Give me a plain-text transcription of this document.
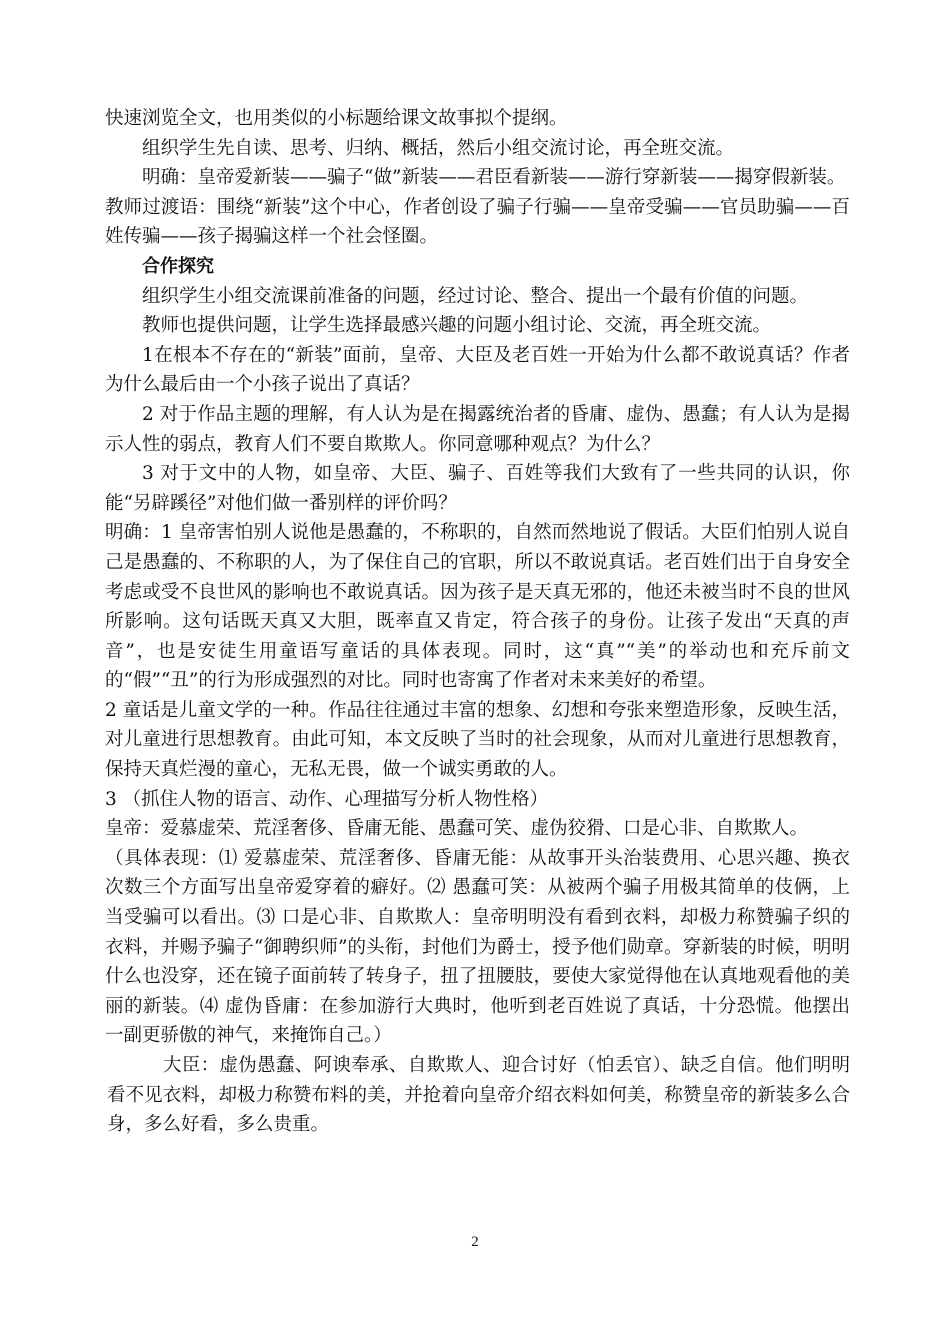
快速浏览全文，也用类似的小标题给课文故事拟个提纲。

组织学生先自读、思考、归纳、概括，然后小组交流讨论，再全班交流。

明确：皇帝爱新装——骗子“做”新装——君臣看新装——游行穿新装——揭穿假新装。

教师过渡语：围绕“新装”这个中心，作者创设了骗子行骗——皇帝受骗——官员助骗——百姓传骗——孩子揭骗这样一个社会怪圈。

合作探究

组织学生小组交流课前准备的问题，经过讨论、整合、提出一个最有价值的问题。

教师也提供问题，让学生选择最感兴趣的问题小组讨论、交流，再全班交流。

1在根本不存在的“新装”面前，皇帝、大臣及老百姓一开始为什么都不敢说真话？作者为什么最后由一个小孩子说出了真话？

2 对于作品主题的理解，有人认为是在揭露统治者的昏庸、虚伪、愚蠢；有人认为是揭示人性的弱点，教育人们不要自欺欺人。你同意哪种观点？为什么？

3 对于文中的人物，如皇帝、大臣、骗子、百姓等我们大致有了一些共同的认识，你能“另辟蹊径”对他们做一番别样的评价吗？

明确：1 皇帝害怕别人说他是愚蠢的，不称职的，自然而然地说了假话。大臣们怕别人说自己是愚蠢的、不称职的人，为了保住自己的官职，所以不敢说真话。老百姓们出于自身安全考虑或受不良世风的影响也不敢说真话。因为孩子是天真无邪的，他还未被当时不良的世风所影响。这句话既天真又大胆，既率直又肯定，符合孩子的身份。让孩子发出“天真的声音”，也是安徒生用童语写童话的具体表现。同时，这“真”“美”的举动也和充斥前文的“假”“丑”的行为形成强烈的对比。同时也寄寓了作者对未来美好的希望。

2 童话是儿童文学的一种。作品往往通过丰富的想象、幻想和夸张来塑造形象，反映生活，对儿童进行思想教育。由此可知，本文反映了当时的社会现象，从而对儿童进行思想教育，保持天真烂漫的童心，无私无畏，做一个诚实勇敢的人。

3 （抓住人物的语言、动作、心理描写分析人物性格）

皇帝：爱慕虚荣、荒淫奢侈、昏庸无能、愚蠢可笑、虚伪狡猾、口是心非、自欺欺人。

（具体表现：⑴ 爱慕虚荣、荒淫奢侈、昏庸无能：从故事开头治装费用、心思兴趣、换衣次数三个方面写出皇帝爱穿着的癖好。⑵ 愚蠢可笑：从被两个骗子用极其简单的伎俩，上当受骗可以看出。⑶ 口是心非、自欺欺人：皇帝明明没有看到衣料，却极力称赞骗子织的衣料，并赐予骗子“御聘织师”的头衔，封他们为爵士，授予他们勋章。穿新装的时候，明明什么也没穿，还在镜子面前转了转身子，扭了扭腰肢，要使大家觉得他在认真地观看他的美丽的新装。⑷ 虚伪昏庸：在参加游行大典时，他听到老百姓说了真话，十分恐慌。他摆出一副更骄傲的神气，来掩饰自己。）

大臣：虚伪愚蠢、阿谀奉承、自欺欺人、迎合讨好（怕丢官）、缺乏自信。他们明明看不见衣料，却极力称赞布料的美，并抢着向皇帝介绍衣料如何美，称赞皇帝的新装多么合身，多么好看，多么贵重。

2
